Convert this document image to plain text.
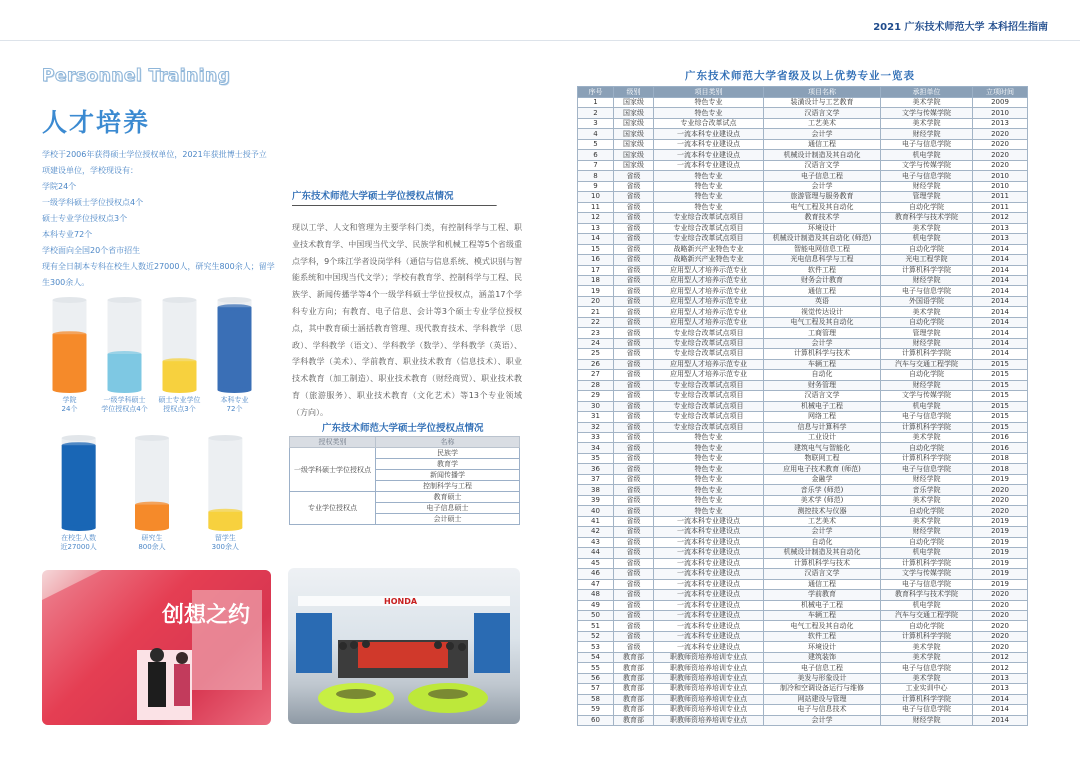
2021 广东技术师范大学 本科招生指南
Personnel Training
人才培养
学校于2006年获得硕士学位授权单位，2021年获批博士授予立
项建设单位，学校现设有：
学院24个
一级学科硕士学位授权点4个
硕士专业学位授权点3个
本科专业72个
学校面向全国20个省市招生
现有全日制本专科在校生人数近27000人，研究生800余人；留学
生300余人。
学院
24个
一级学科硕士
学位授权点4个
硕士专业学位
授权点3个
本科专业
72个
在校生人数
近27000人
研究生
800余人
留学生
300余人
广东技术师范大学硕士学位授权点情况

现以工学、人文和管理为主要学科门类，有控制科学与工程、职业技术教育学、中国现当代文学、民族学和机械工程等5个省级重点学科，9个珠江学者设岗学科（通信与信息系统、模式识别与智能系统和中国现当代文学）；学校有教育学、控制科学与工程、民族学、新闻传播学等4个一级学科硕士学位授权点，涵盖17个学科专业方向；有教育、电子信息、会计等3个硕士专业学位授权点，其中教育硕士涵括教育管理、现代教育技术、学科教学（思政）、学科教学（语文）、学科教学（数学）、学科教学（英语）、学科教学（美术）、学前教育、职业技术教育（信息技术）、职业技术教育（加工制造）、职业技术教育（财经商贸）、职业技术教育（旅游服务）、职业技术教育（文化艺术）等13个专业领域（方向）。

广东技术师范大学硕士学位授权点情况
授权类别	名称
一级学科硕士学位授权点	民族学
	教育学
	新闻传播学
	控制科学与工程
专业学位授权点	教育硕士
	电子信息硕士
	会计硕士
创想之约
HONDA
广东技术师范大学省级及以上优势专业一览表
序号	级别	项目类别	项目名称	承担单位	立项时间
1	国家级	特色专业	装潢设计与工艺教育	美术学院	2009
2	国家级	特色专业	汉语言文学	文学与传媒学院	2010
3	国家级	专业综合改革试点	工艺美术	美术学院	2013
4	国家级	一流本科专业建设点	会计学	财经学院	2020
5	国家级	一流本科专业建设点	通信工程	电子与信息学院	2020
6	国家级	一流本科专业建设点	机械设计制造及其自动化	机电学院	2020
7	国家级	一流本科专业建设点	汉语言文学	文学与传媒学院	2020
8	省级	特色专业	电子信息工程	电子与信息学院	2010
9	省级	特色专业	会计学	财经学院	2010
10	省级	特色专业	旅游管理与服务教育	管理学院	2011
11	省级	特色专业	电气工程及其自动化	自动化学院	2011
12	省级	专业综合改革试点项目	教育技术学	教育科学与技术学院	2012
13	省级	专业综合改革试点项目	环境设计	美术学院	2013
14	省级	专业综合改革试点项目	机械设计制造及其自动化 (师范)	机电学院	2013
15	省级	战略新兴产业特色专业	智能电网信息工程	自动化学院	2014
16	省级	战略新兴产业特色专业	光电信息科学与工程	光电工程学院	2014
17	省级	应用型人才培养示范专业	软件工程	计算机科学学院	2014
18	省级	应用型人才培养示范专业	财务会计教育	财经学院	2014
19	省级	应用型人才培养示范专业	通信工程	电子与信息学院	2014
20	省级	应用型人才培养示范专业	英语	外国语学院	2014
21	省级	应用型人才培养示范专业	视觉传达设计	美术学院	2014
22	省级	应用型人才培养示范专业	电气工程及其自动化	自动化学院	2014
23	省级	专业综合改革试点项目	工商管理	管理学院	2014
24	省级	专业综合改革试点项目	会计学	财经学院	2014
25	省级	专业综合改革试点项目	计算机科学与技术	计算机科学学院	2014
26	省级	应用型人才培养示范专业	车辆工程	汽车与交通工程学院	2015
27	省级	应用型人才培养示范专业	自动化	自动化学院	2015
28	省级	专业综合改革试点项目	财务管理	财经学院	2015
29	省级	专业综合改革试点项目	汉语言文学	文学与传媒学院	2015
30	省级	专业综合改革试点项目	机械电子工程	机电学院	2015
31	省级	专业综合改革试点项目	网络工程	电子与信息学院	2015
32	省级	专业综合改革试点项目	信息与计算科学	计算机科学学院	2015
33	省级	特色专业	工业设计	美术学院	2016
34	省级	特色专业	建筑电气与智能化	自动化学院	2016
35	省级	特色专业	物联网工程	计算机科学学院	2018
36	省级	特色专业	应用电子技术教育 (师范)	电子与信息学院	2018
37	省级	特色专业	金融学	财经学院	2019
38	省级	特色专业	音乐学 (师范)	音乐学院	2020
39	省级	特色专业	美术学 (师范)	美术学院	2020
40	省级	特色专业	测控技术与仪器	自动化学院	2020
41	省级	一流本科专业建设点	工艺美术	美术学院	2019
42	省级	一流本科专业建设点	会计学	财经学院	2019
43	省级	一流本科专业建设点	自动化	自动化学院	2019
44	省级	一流本科专业建设点	机械设计制造及其自动化	机电学院	2019
45	省级	一流本科专业建设点	计算机科学与技术	计算机科学学院	2019
46	省级	一流本科专业建设点	汉语言文学	文学与传媒学院	2019
47	省级	一流本科专业建设点	通信工程	电子与信息学院	2019
48	省级	一流本科专业建设点	学前教育	教育科学与技术学院	2020
49	省级	一流本科专业建设点	机械电子工程	机电学院	2020
50	省级	一流本科专业建设点	车辆工程	汽车与交通工程学院	2020
51	省级	一流本科专业建设点	电气工程及其自动化	自动化学院	2020
52	省级	一流本科专业建设点	软件工程	计算机科学学院	2020
53	省级	一流本科专业建设点	环境设计	美术学院	2020
54	教育部	职教师资培养培训专业点	建筑装饰	美术学院	2012
55	教育部	职教师资培养培训专业点	电子信息工程	电子与信息学院	2012
56	教育部	职教师资培养培训专业点	美发与形象设计	美术学院	2013
57	教育部	职教师资培养培训专业点	制冷和空调设备运行与维修	工业实训中心	2013
58	教育部	职教师资培养培训专业点	网站建设与管理	计算机科学学院	2014
59	教育部	职教师资培养培训专业点	电子与信息技术	电子与信息学院	2014
60	教育部	职教师资培养培训专业点	会计学	财经学院	2014
